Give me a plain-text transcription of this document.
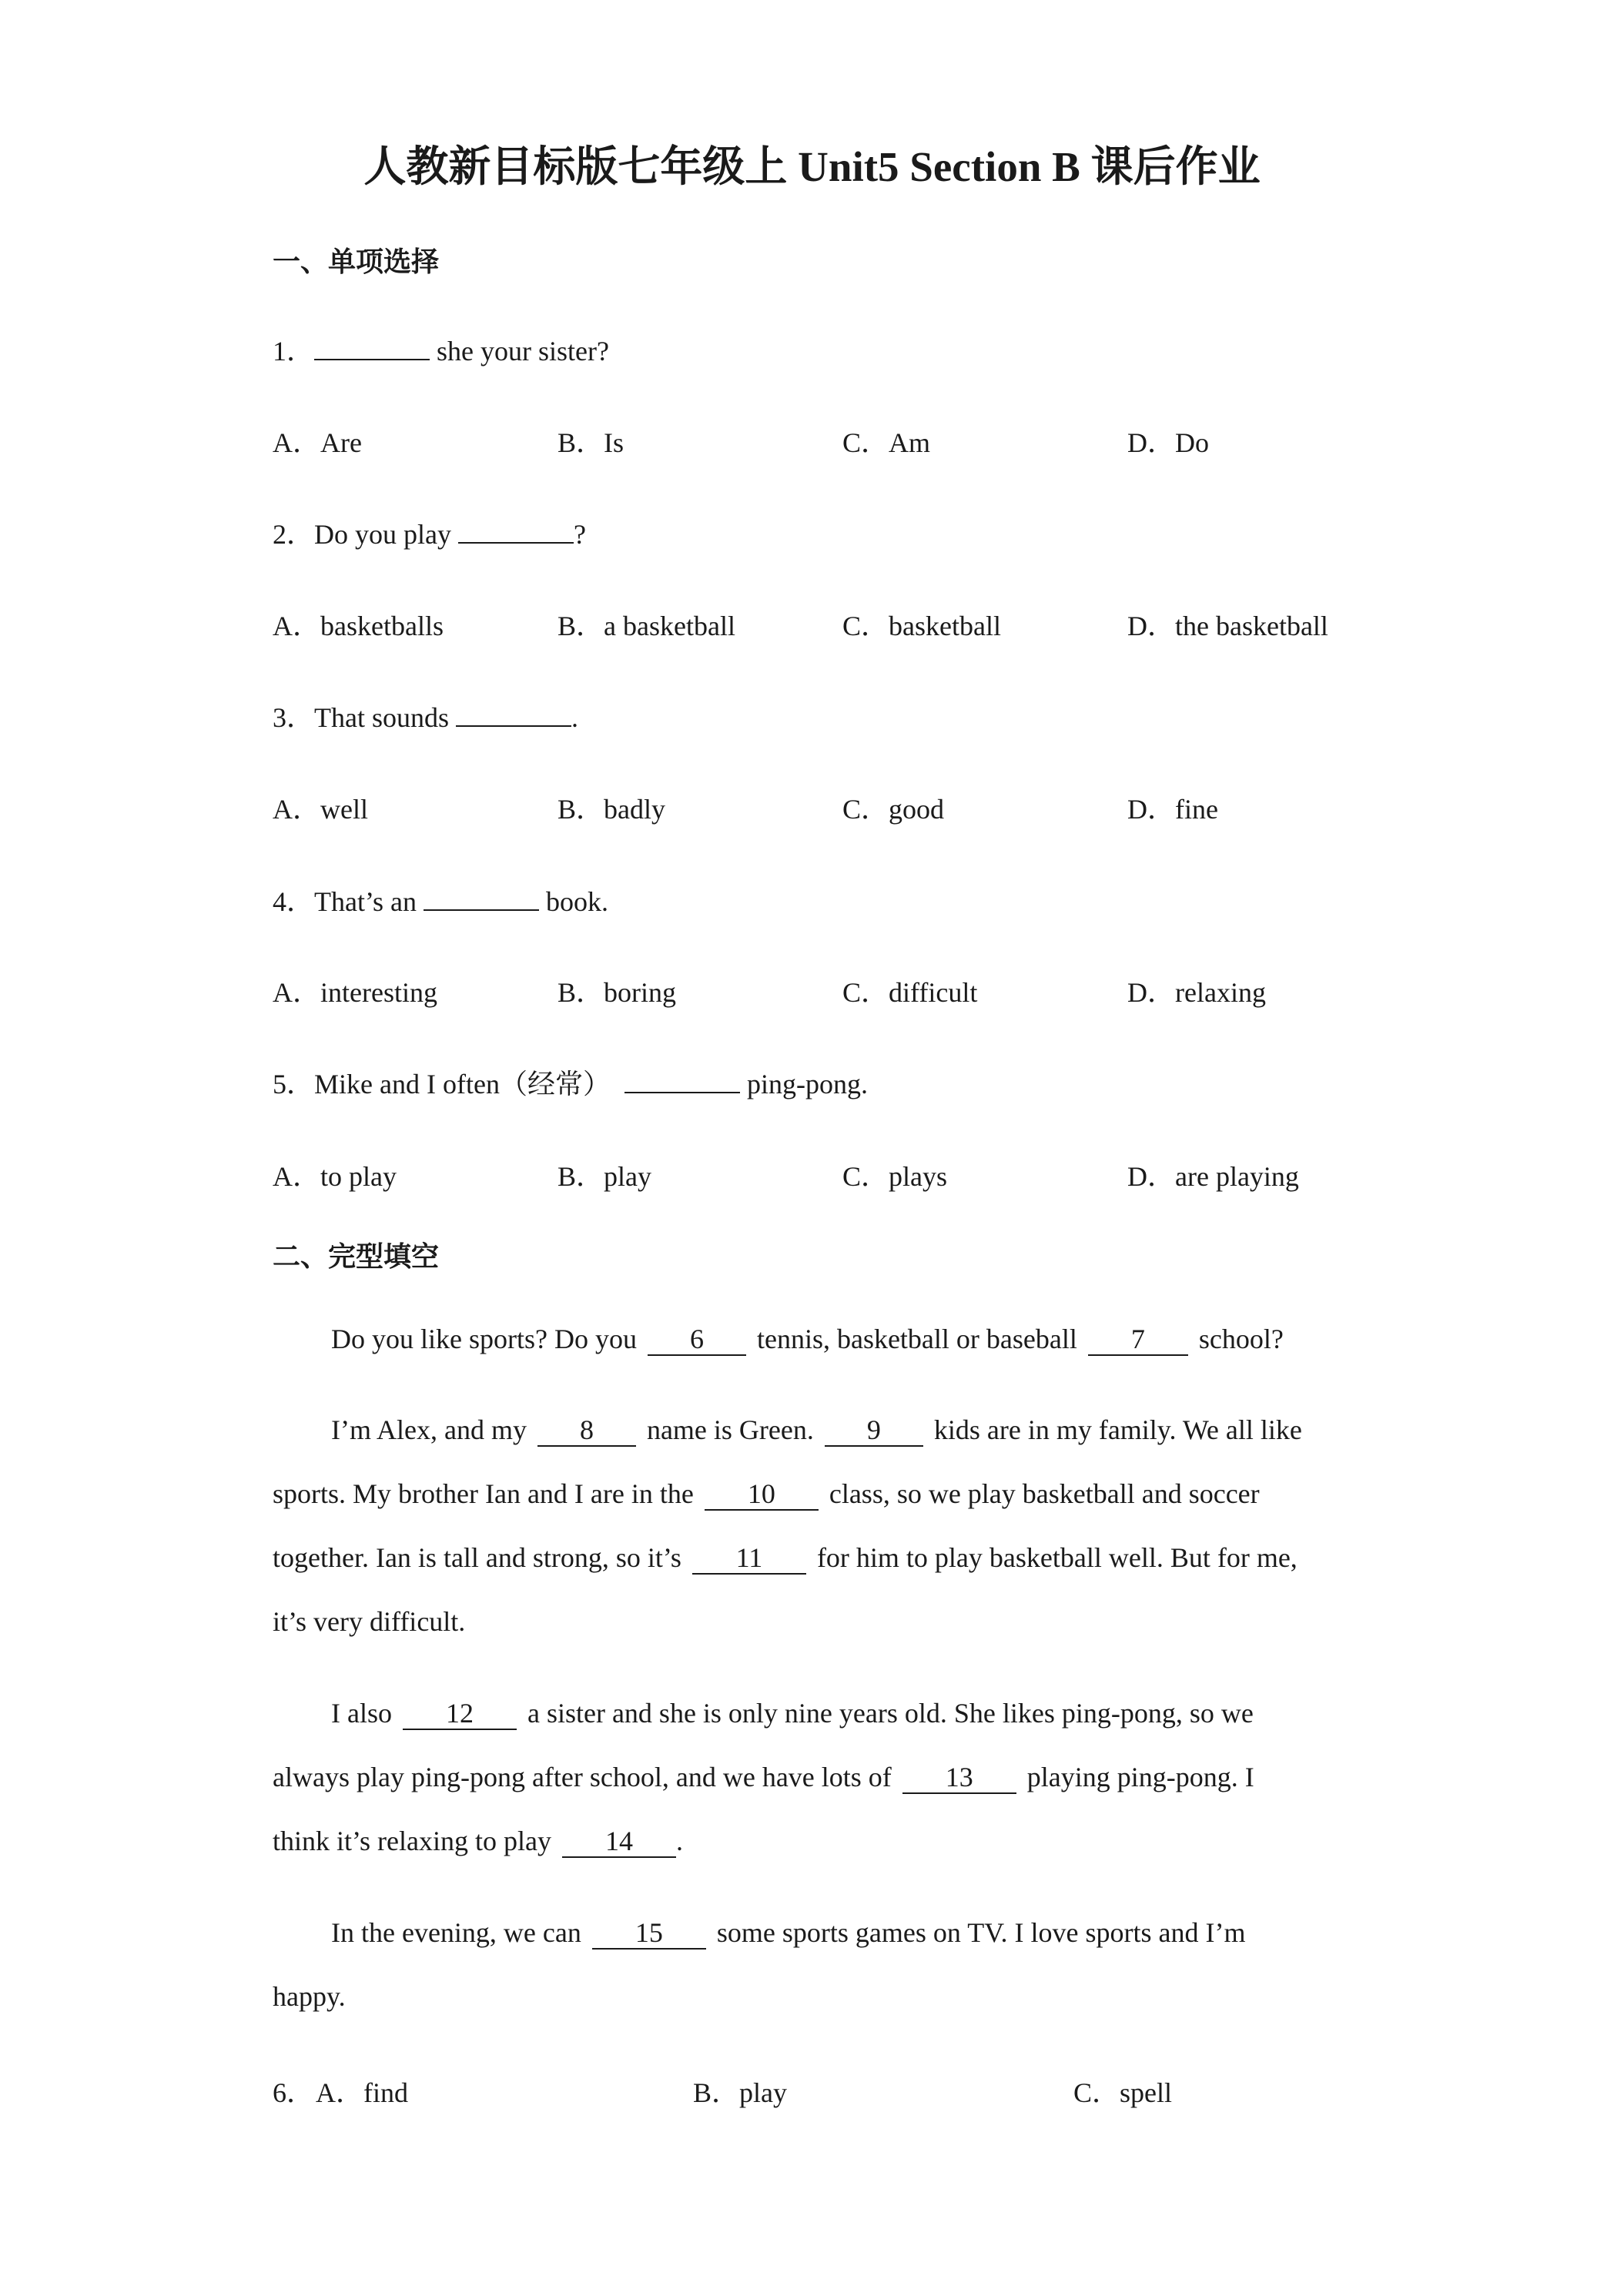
人教新目标版七年级上 Unit5 Section B 课后作业
一、单项选择
1．	she your sister?
A．Are	B．Is	C．Am	D．Do
2．Do you play	?
A．basketballs	B．a basketball	C．basketball	D．the basketball
3．That sounds	.
A．well	B．badly	C．good	D．fine
4．That’s an	book.
A．interesting	B．boring	C．difficult	D．relaxing
5．Mike and I often（经常）	ping-pong.
A．to play	B．play	C．plays	D．are playing
二、完型填空
Do you like sports? Do you 6 tennis, basketball or baseball 7 school?
I’m Alex, and my 8 name is Green. 9 kids are in my family. We all like
sports. My brother Ian and I are in the 10 class, so we play basketball and soccer
together. Ian is tall and strong, so it’s 11 for him to play basketball well. But for me,
it’s very difficult.
I also 12 a sister and she is only nine years old. She likes ping-pong, so we
always play ping-pong after school, and we have lots of 13 playing ping-pong. I
think it’s relaxing to play 14 .
In the evening, we can 15 some sports games on TV. I love sports and I’m
happy.
6． A．find	B．play	C．spell
